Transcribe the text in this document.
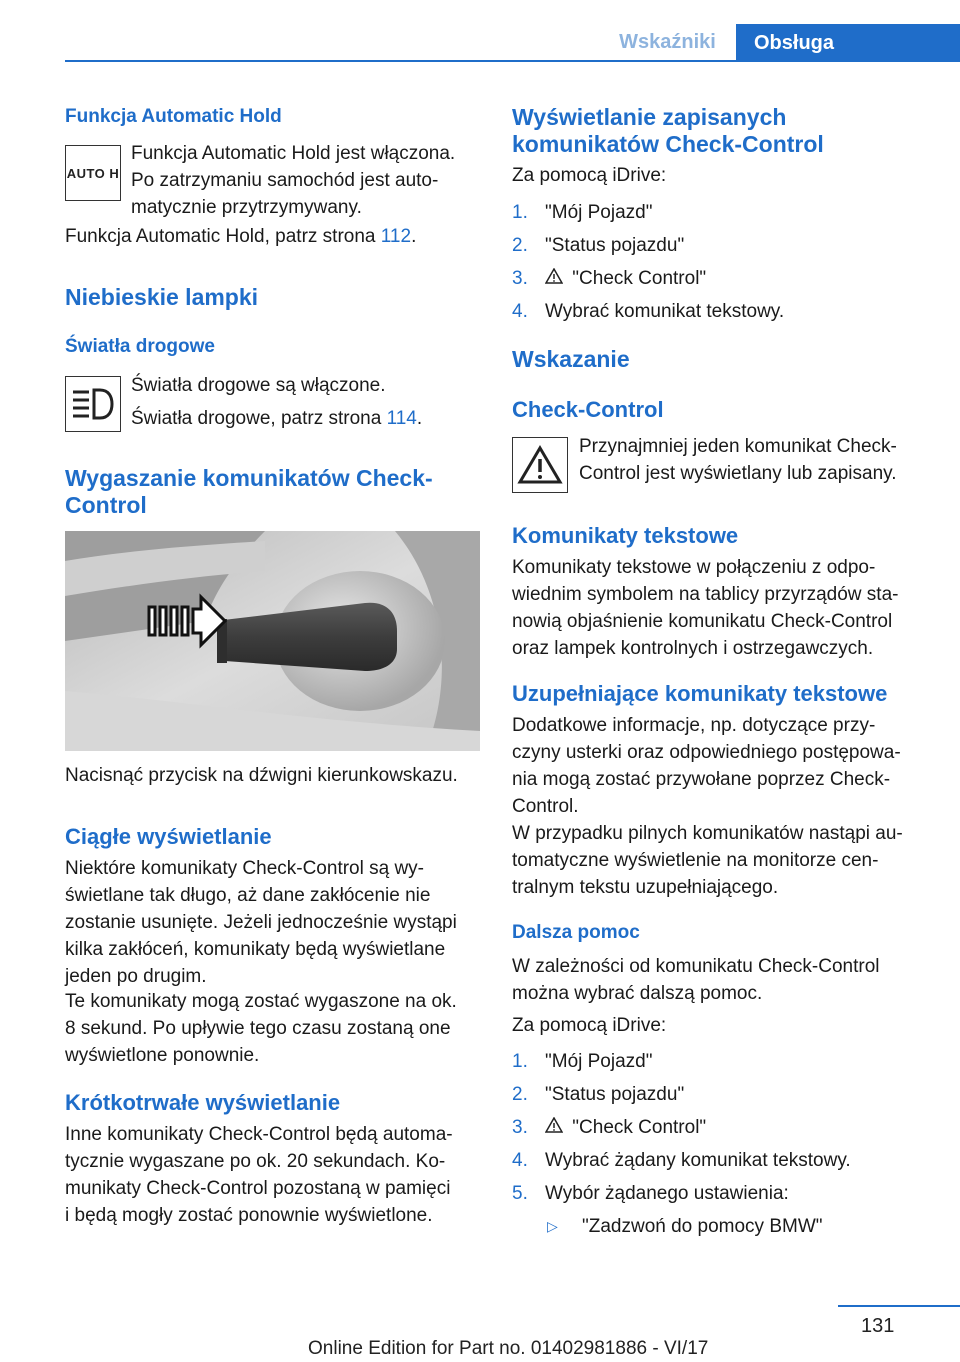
Wskaźniki	Obsługa
Funkcja Automatic Hold
AUTO H
Funkcja Automatic Hold jest włączona.
Po zatrzymaniu samochód jest auto-
matycznie przytrzymywany.
Funkcja Automatic Hold, patrz strona 112.
Niebieskie lampki
Światła drogowe
Światła drogowe są włączone.
Światła drogowe, patrz strona 114.
Wygaszanie komunikatów Check-
Control
Nacisnąć przycisk na dźwigni kierunkowskazu.
Ciągłe wyświetlanie
Niektóre komunikaty Check-Control są wy-
świetlane tak długo, aż dane zakłócenie nie
zostanie usunięte. Jeżeli jednocześnie wystąpi
kilka zakłóceń, komunikaty będą wyświetlane
jeden po drugim.
Te komunikaty mogą zostać wygaszone na ok.
8 sekund. Po upływie tego czasu zostaną one
wyświetlone ponownie.
Krótkotrwałe wyświetlanie
Inne komunikaty Check-Control będą automa-
tycznie wygaszane po ok. 20 sekundach. Ko-
munikaty Check-Control pozostaną w pamięci
i będą mogły zostać ponownie wyświetlone.
Wyświetlanie zapisanych
komunikatów Check-Control
Za pomocą iDrive:
1. "Mój Pojazd"
2. "Status pojazdu"
3. "Check Control"
4. Wybrać komunikat tekstowy.
Wskazanie
Check-Control
Przynajmniej jeden komunikat Check-
Control jest wyświetlany lub zapisany.
Komunikaty tekstowe
Komunikaty tekstowe w połączeniu z odpo-
wiednim symbolem na tablicy przyrządów sta-
nowią objaśnienie komunikatu Check-Control
oraz lampek kontrolnych i ostrzegawczych.
Uzupełniające komunikaty tekstowe
Dodatkowe informacje, np. dotyczące przy-
czyny usterki oraz odpowiedniego postępowa-
nia mogą zostać przywołane poprzez Check-
Control.
W przypadku pilnych komunikatów nastąpi au-
tomatyczne wyświetlenie na monitorze cen-
tralnym tekstu uzupełniającego.
Dalsza pomoc
W zależności od komunikatu Check-Control
można wybrać dalszą pomoc.
Za pomocą iDrive:
1. "Mój Pojazd"
2. "Status pojazdu"
3. "Check Control"
4. Wybrać żądany komunikat tekstowy.
5. Wybór żądanego ustawienia:
▷ "Zadzwoń do pomocy BMW"
131
Online Edition for Part no. 01402981886 - VI/17
